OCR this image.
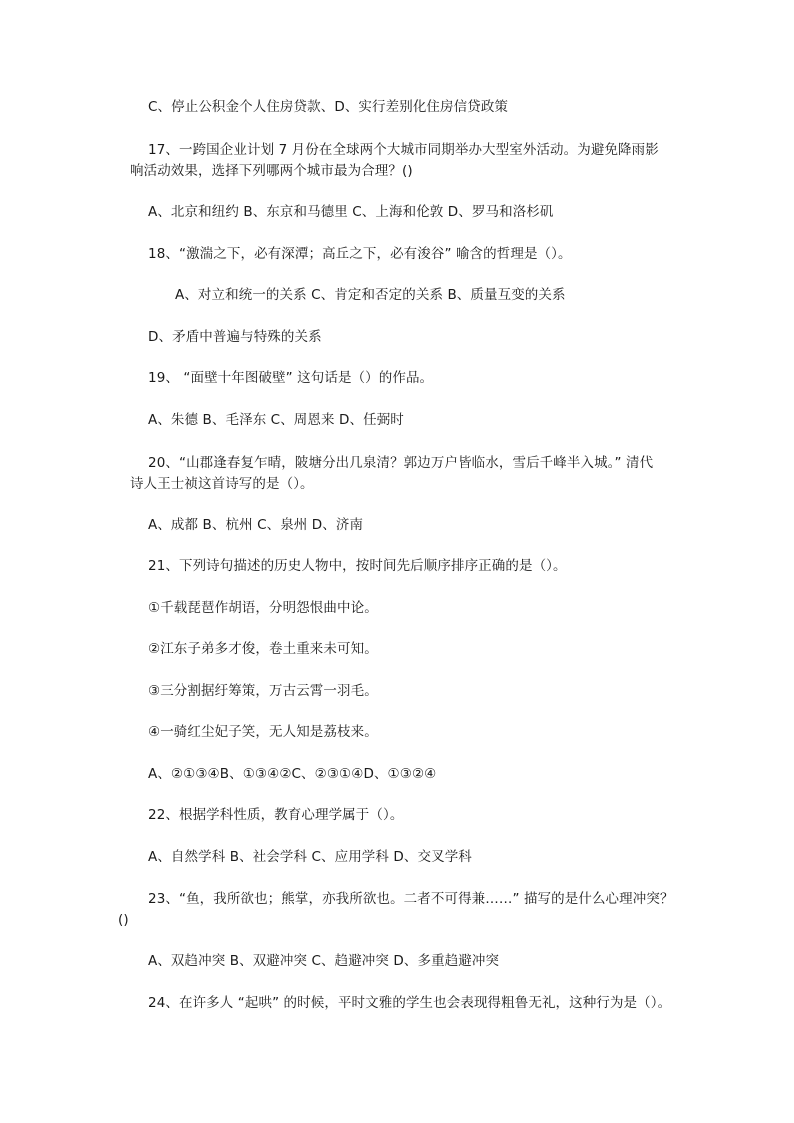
C、停止公积金个人住房贷款、D、实行差别化住房信贷政策
17、一跨国企业计划 7 月份在全球两个大城市同期举办大型室外活动。为避免降雨影
响活动效果，选择下列哪两个城市最为合理？()
A、北京和纽约 B、东京和马德里 C、上海和伦敦 D、罗马和洛杉矶
18、“激湍之下，必有深潭；高丘之下，必有浚谷” 喻含的哲理是（）。
A、对立和统一的关系 C、肯定和否定的关系 B、质量互变的关系
D、矛盾中普遍与特殊的关系
19、 “面壁十年图破壁” 这句话是（）的作品。
A、朱德 B、毛泽东 C、周恩来 D、任弼时
20、“山郡逢春复乍晴，陂塘分出几泉清？郭边万户皆临水，雪后千峰半入城。” 清代
诗人王士祯这首诗写的是（）。
A、成都 B、杭州 C、泉州 D、济南
21、下列诗句描述的历史人物中，按时间先后顺序排序正确的是（）。
①千载琵琶作胡语，分明怨恨曲中论。
②江东子弟多才俊，卷土重来未可知。
③三分割据纡筹策，万古云霄一羽毛。
④一骑红尘妃子笑，无人知是荔枝来。
A、②①③④B、①③④②C、②③①④D、①③②④
22、根据学科性质，教育心理学属于（）。
A、自然学科 B、社会学科 C、应用学科 D、交叉学科
23、“鱼，我所欲也；熊掌，亦我所欲也。二者不可得兼……” 描写的是什么心理冲突？
()
A、双趋冲突 B、双避冲突 C、趋避冲突 D、多重趋避冲突
24、在许多人 “起哄” 的时候，平时文雅的学生也会表现得粗鲁无礼，这种行为是（）。
